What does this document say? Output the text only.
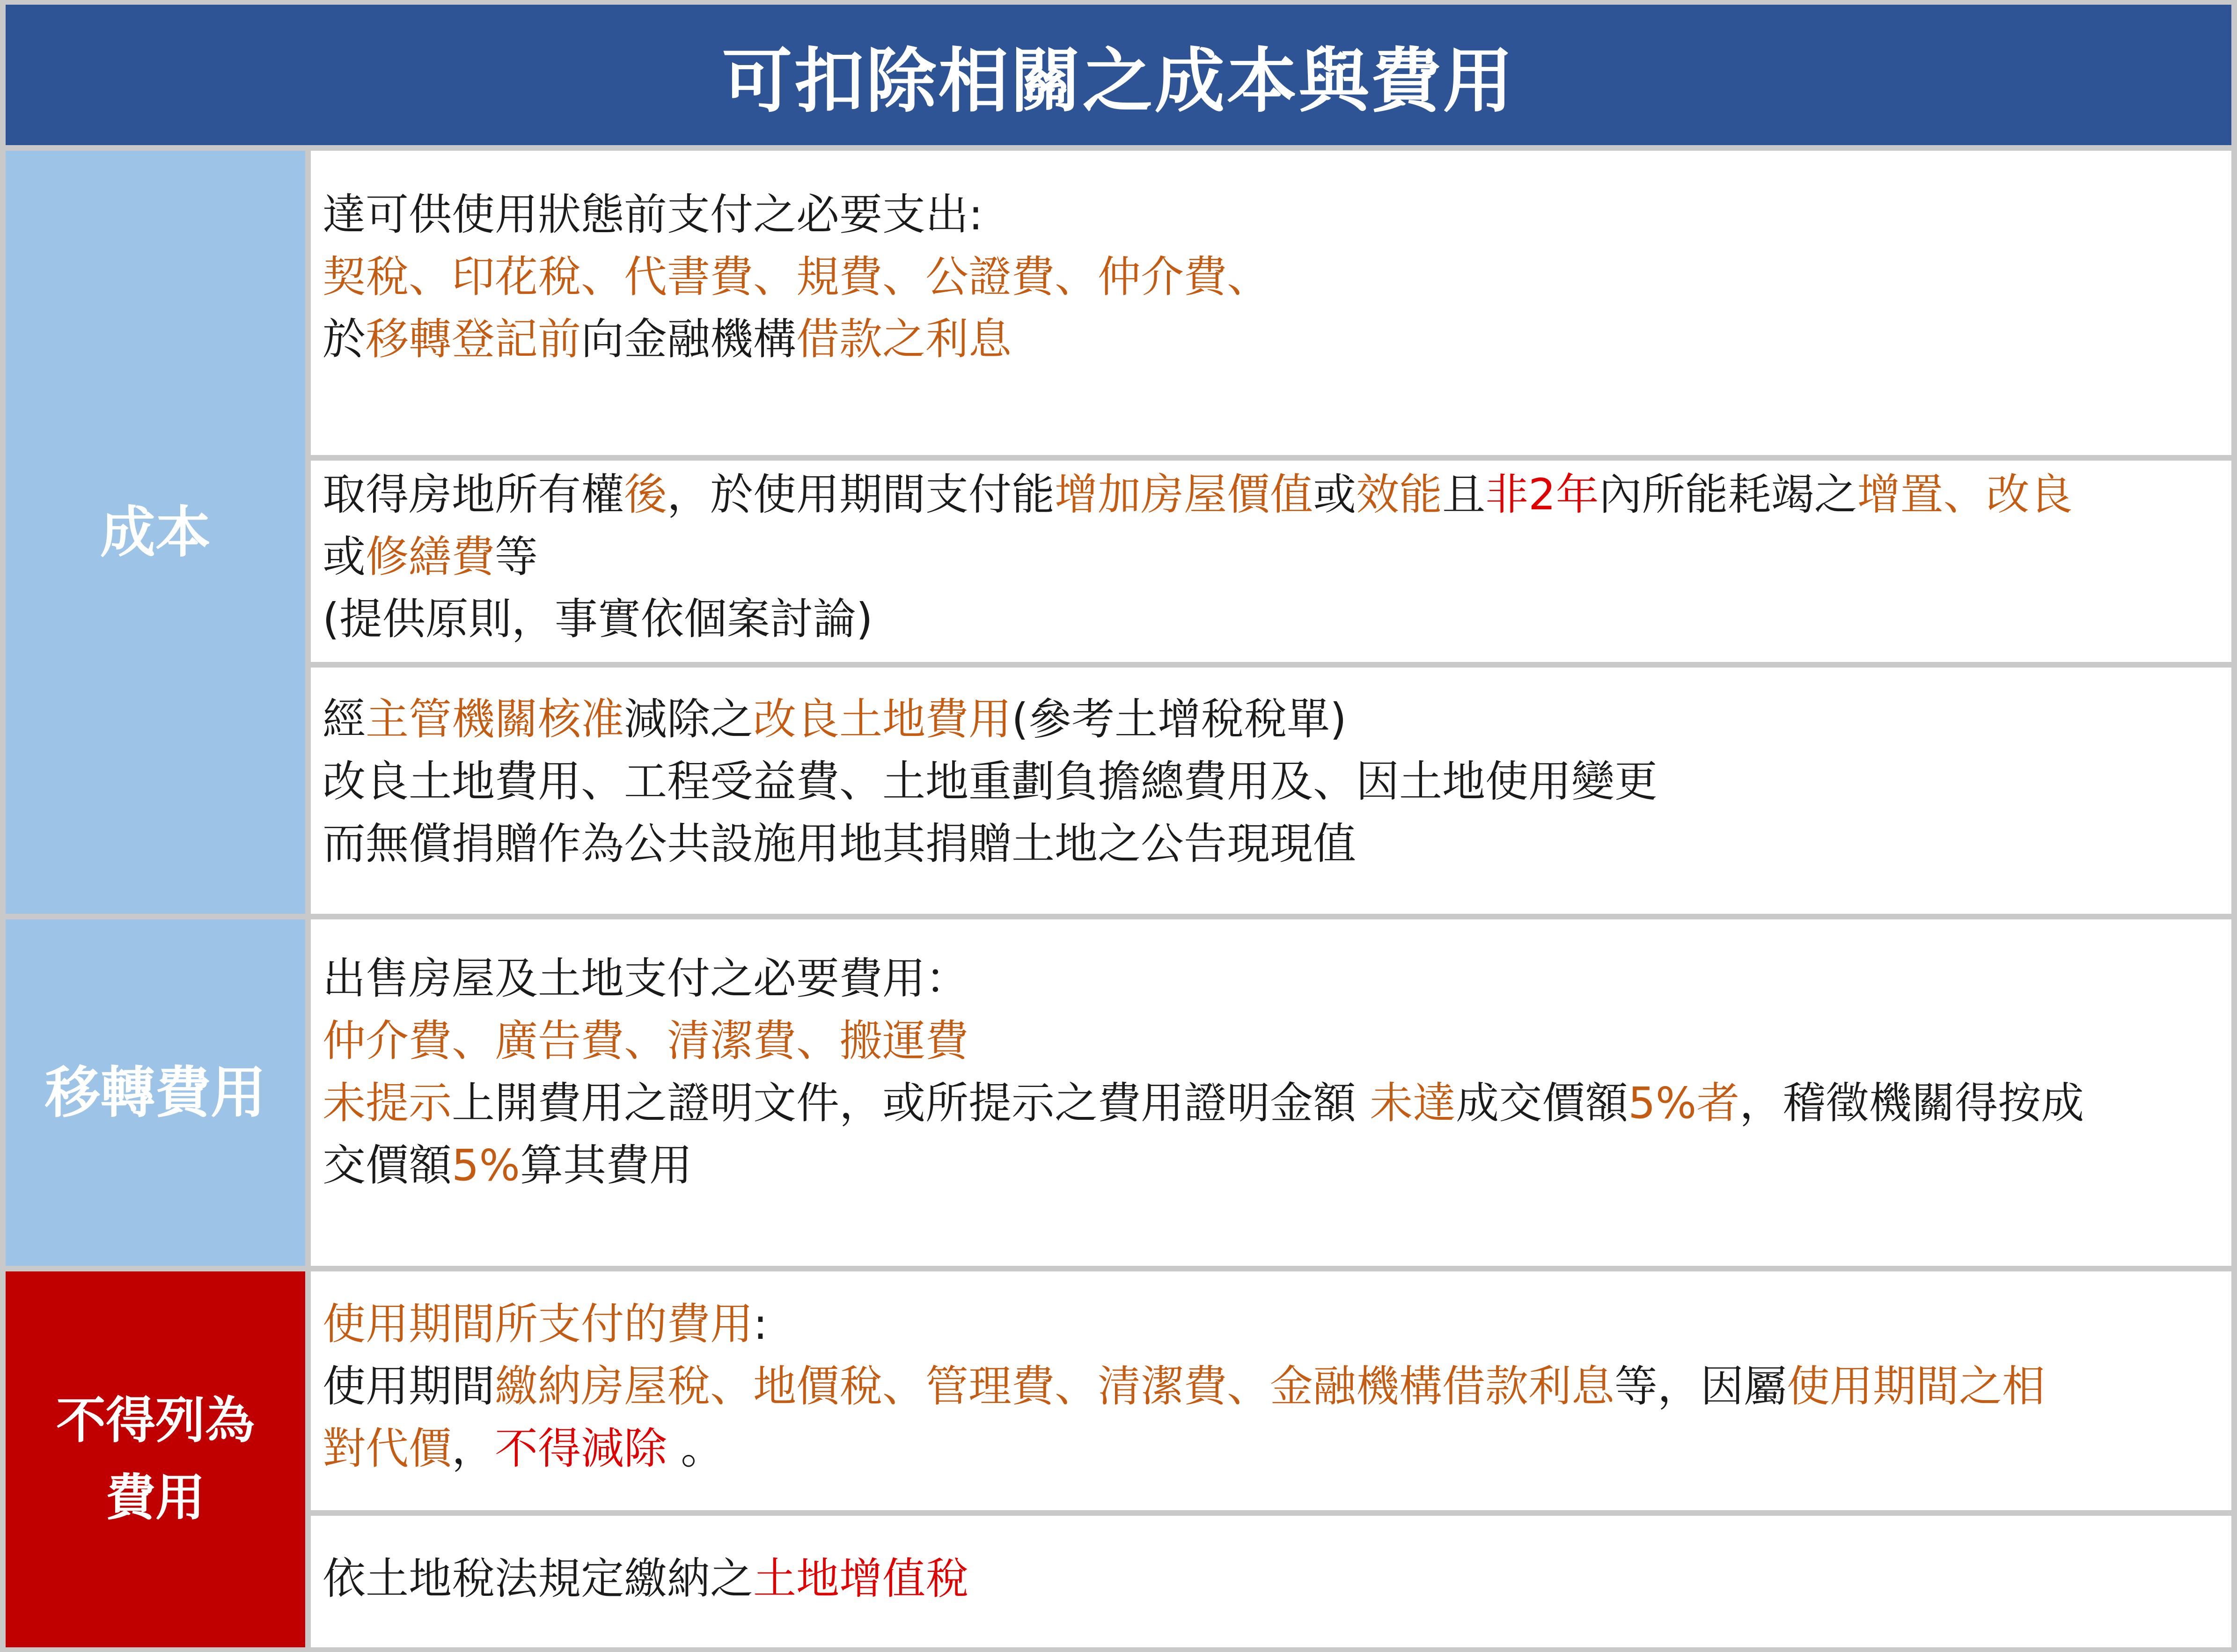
可扣除相關之成本與費用
成本
移轉費用
不得列為
費用
達可供使用狀態前支付之必要支出:
契稅、印花稅、代書費、規費、公證費、仲介費、
於移轉登記前向金融機構借款之利息
取得房地所有權後，於使用期間支付能增加房屋價值或效能且非2年內所能耗竭之增置、改良
或修繕費等
(提供原則，事實依個案討論)
經主管機關核准減除之改良土地費用(參考土增稅稅單)
改良土地費用、工程受益費、土地重劃負擔總費用及、因土地使用變更
而無償捐贈作為公共設施用地其捐贈土地之公告現現值
出售房屋及土地支付之必要費用：
仲介費、廣告費、清潔費、搬運費
未提示上開費用之證明文件，或所提示之費用證明金額 未達成交價額5%者，稽徵機關得按成
交價額5%算其費用
使用期間所支付的費用:
使用期間繳納房屋稅、地價稅、管理費、清潔費、金融機構借款利息等，因屬使用期間之相
對代價，不得減除 。
依土地稅法規定繳納之土地增值稅
